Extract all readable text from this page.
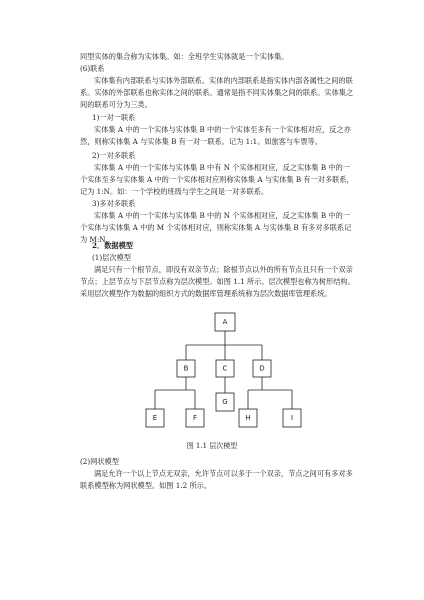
同型实体的集合称为实体集。如：全班学生实体就是一个实体集。

(6)联系

实体集有内部联系与实体外部联系。实体的内部联系是指实体内部各属性之间的联系。实体的外部联系也称实体之间的联系。通常是指不同实体集之间的联系。实体集之间的联系可分为三类。

1)一对一联系

实体集 A 中的一个实体与实体集 B 中的一个实体至多有一个实体相对应，反之亦然，则称实体集 A 与实体集 B 有一对一联系。记为 1:1。如旅客与车票等。

2)一对多联系

实体集 A 中的一个实体与实体集 B 中有 N 个实体相对应，反之实体集 B 中的一个实体至多与实体集 A 中的一个实体相对应则称实体集 A 与实体集 B 有一对多联系，记为 1:N。如：一个学校的班级与学生之间是一对多联系。

3)多对多联系

实体集 A 中的一个实体与实体集 B 中的 N 个实体相对应，反之实体集 B 中的一个实体与实体集 A 中的 M 个实体相对应，则称实体集 A 与实体集 B 有多对多联系记为 M:N。

2．数据模型

(1)层次模型

满足只有一个根节点，即没有双亲节点；除根节点以外的所有节点且只有一个双亲节点；上层节点与下层节点称为层次模型。如图 1.1 所示。层次模型也称为树形结构。采用层次模型作为数据的组织方式的数据库管理系统称为层次数据库管理系统。

A
B	C	D
E	F
G
H	I
图 1.1 层次模型

(2)网状模型

满足允许一个以上节点无双亲，允许节点可以多于一个双亲，节点之间可有多对多联系模型称为网状模型。如图 1.2 所示。
